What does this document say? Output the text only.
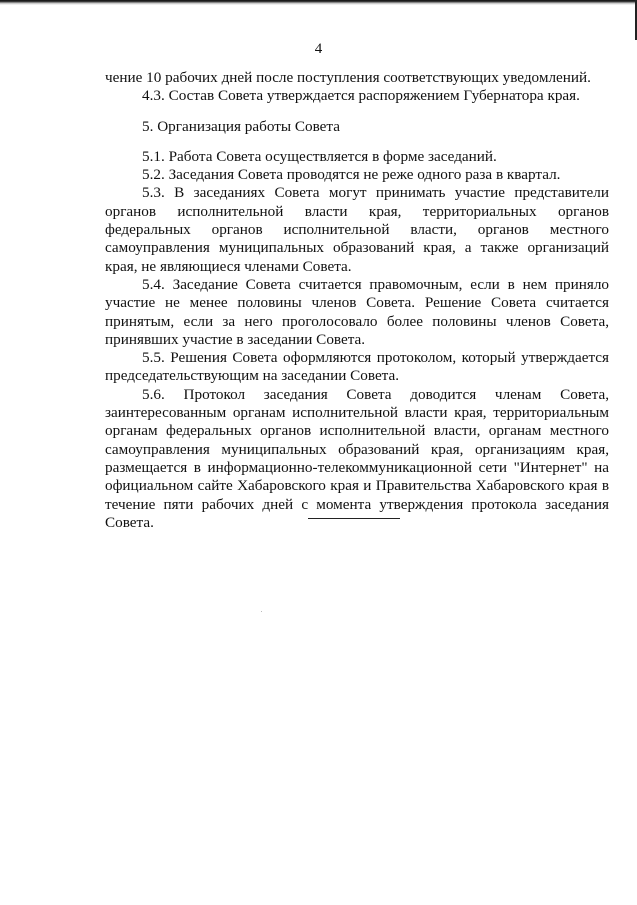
4

чение 10 рабочих дней после поступления соответствующих уведомлений.

4.3. Состав Совета утверждается распоряжением Губернатора края.

5. Организация работы Совета

5.1. Работа Совета осуществляется в форме заседаний.

5.2. Заседания Совета проводятся не реже одного раза в квартал.

5.3. В заседаниях Совета могут принимать участие представители органов исполнительной власти края, территориальных органов федеральных органов исполнительной власти, органов местного самоуправления муниципальных образований края, а также организаций края, не являющиеся членами Совета.

5.4. Заседание Совета считается правомочным, если в нем приняло участие не менее половины членов Совета. Решение Совета считается принятым, если за него проголосовало более половины членов Совета, принявших участие в заседании Совета.

5.5. Решения Совета оформляются протоколом, который утверждается председательствующим на заседании Совета.

5.6. Протокол заседания Совета доводится членам Совета, заинтересованным органам исполнительной власти края, территориальным органам федеральных органов исполнительной власти, органам местного самоуправления муниципальных образований края, организациям края, размещается в информационно-телекоммуникационной сети "Интернет" на официальном сайте Хабаровского края и Правительства Хабаровского края в течение пяти рабочих дней с момента утверждения протокола заседания Совета.
